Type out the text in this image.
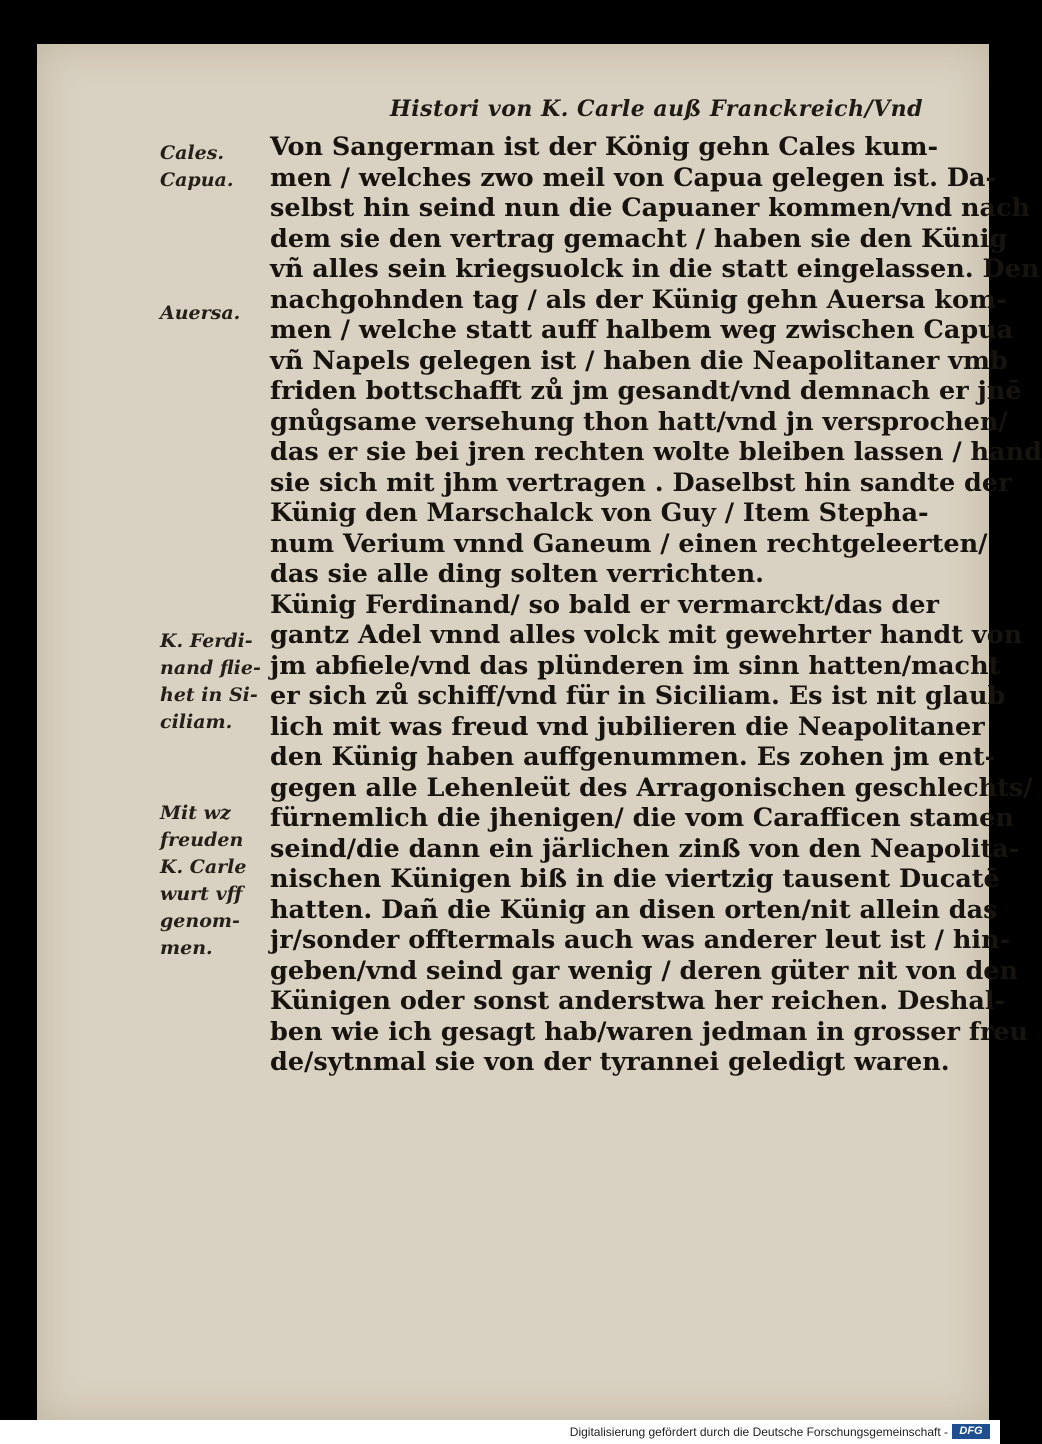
Histori von K. Carle auß Franckreich/Vnd
Cales.
Capua.
Auersa.
K. Ferdi-
nand flie-
het in Si-
ciliam.
Mit wz
freuden
K. Carle
wurt vff
genom-
men.
Von Sangerman ist der König gehn Cales kum-
men / welches zwo meil von Capua gelegen ist. Da-
selbst hin seind nun die Capuaner kommen/vnd nach
dem sie den vertrag gemacht / haben sie den Künig
vñ alles sein kriegsuolck in die statt eingelassen. Den
nachgohnden tag / als der Künig gehn Auersa kom-
men / welche statt auff halbem weg zwischen Capua
vñ Napels gelegen ist / haben die Neapolitaner vmb
friden bottschafft zů jm gesandt/vnd demnach er jnē
gnůgsame versehung thon hatt/vnd jn versprochen/
das er sie bei jren rechten wolte bleiben lassen / hand
sie sich mit jhm vertragen . Daselbst hin sandte der
Künig den Marschalck von Guy / Item Stepha-
num Verium vnnd Ganeum / einen rechtgeleerten/
das sie alle ding solten verrichten.
Künig Ferdinand/ so bald er vermarckt/das der
gantz Adel vnnd alles volck mit gewehrter handt von
jm abfiele/vnd das plünderen im sinn hatten/macht
er sich zů schiff/vnd für in Siciliam. Es ist nit glaub
lich mit was freud vnd jubilieren die Neapolitaner
den Künig haben auffgenummen. Es zohen jm ent-
gegen alle Lehenleüt des Arragonischen geschlechts/
fürnemlich die jhenigen/ die vom Carafficen stamen
seind/die dann ein järlichen zinß von den Neapolita-
nischen Künigen biß in die viertzig tausent Ducatē
hatten. Dañ die Künig an disen orten/nit allein das
jr/sonder offtermals auch was anderer leut ist / hin-
geben/vnd seind gar wenig / deren güter nit von den
Künigen oder sonst anderstwa her reichen. Deshal-
ben wie ich gesagt hab/waren jedman in grosser freu
de/sytnmal sie von der tyrannei geledigt waren.
Digitalisierung gefördert durch die Deutsche Forschungsgemeinschaft -	DFG
